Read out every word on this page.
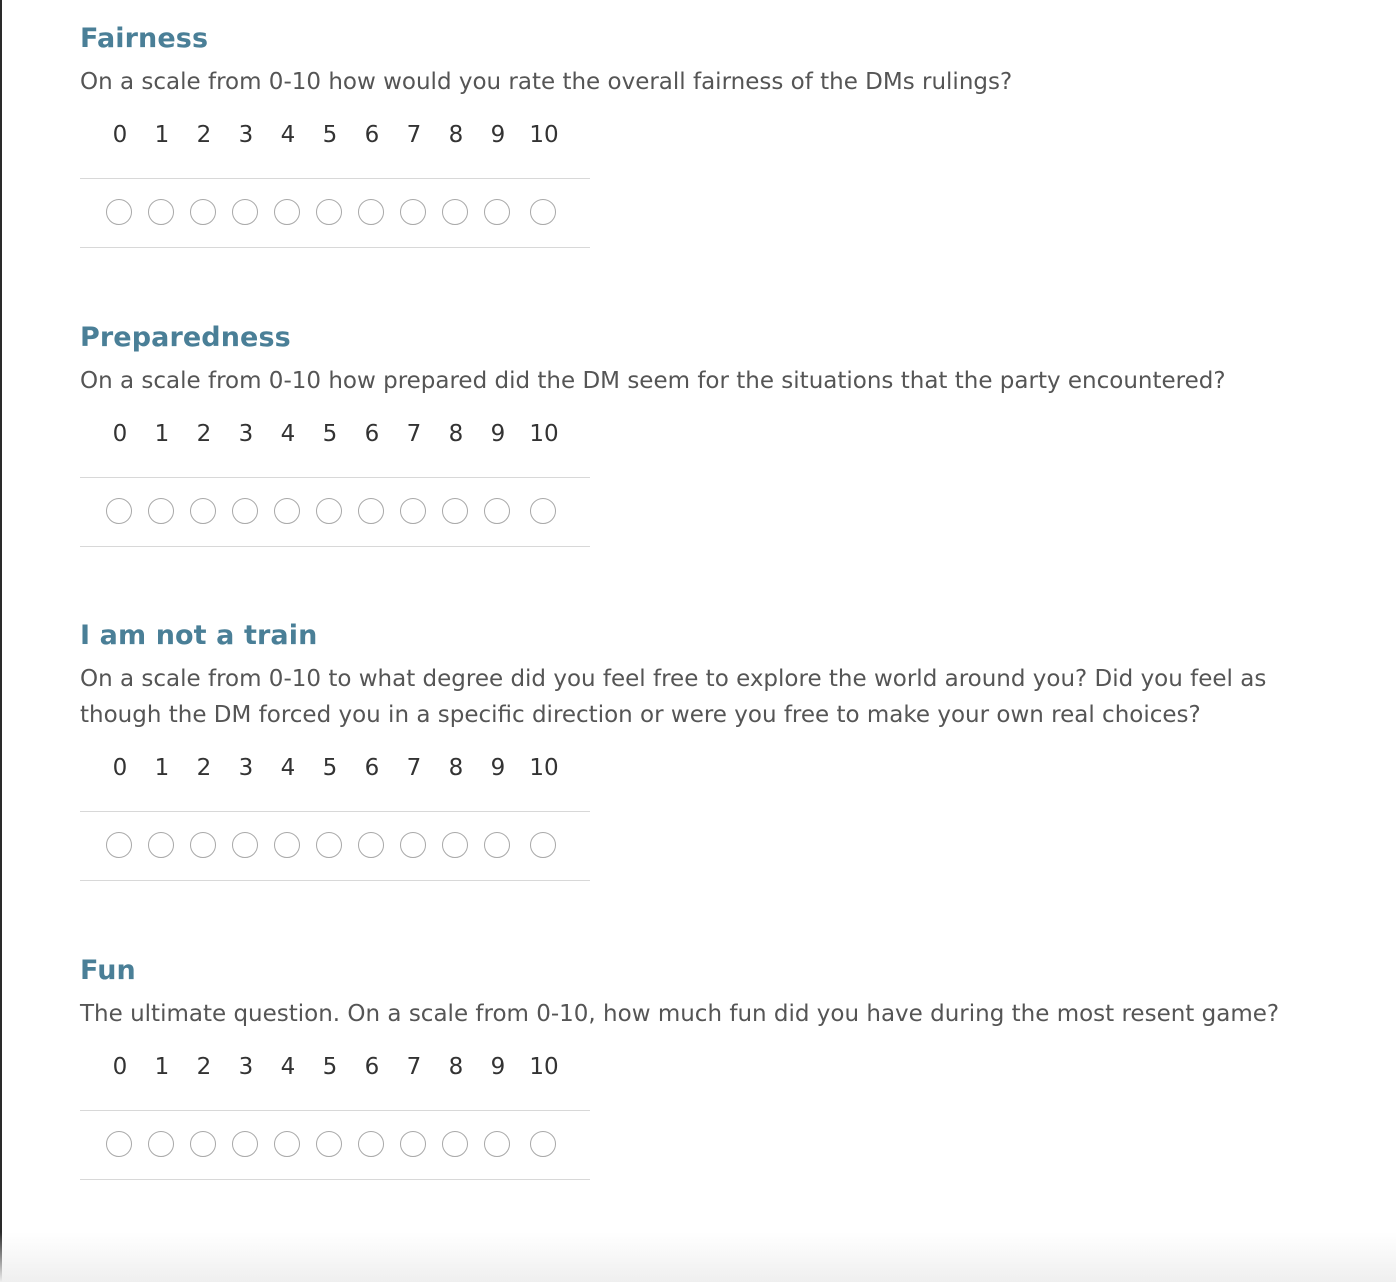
Fairness

On a scale from 0-10 how would you rate the overall fairness of the DMs rulings?

0	1	2	3	4	5	6	7	8	9	10
Preparedness

On a scale from 0-10 how prepared did the DM seem for the situations that the party encountered?

0	1	2	3	4	5	6	7	8	9	10
I am not a train

On a scale from 0-10 to what degree did you feel free to explore the world around you? Did you feel as though the DM forced you in a specific direction or were you free to make your own real choices?

0	1	2	3	4	5	6	7	8	9	10
Fun

The ultimate question. On a scale from 0-10, how much fun did you have during the most resent game?

0	1	2	3	4	5	6	7	8	9	10
